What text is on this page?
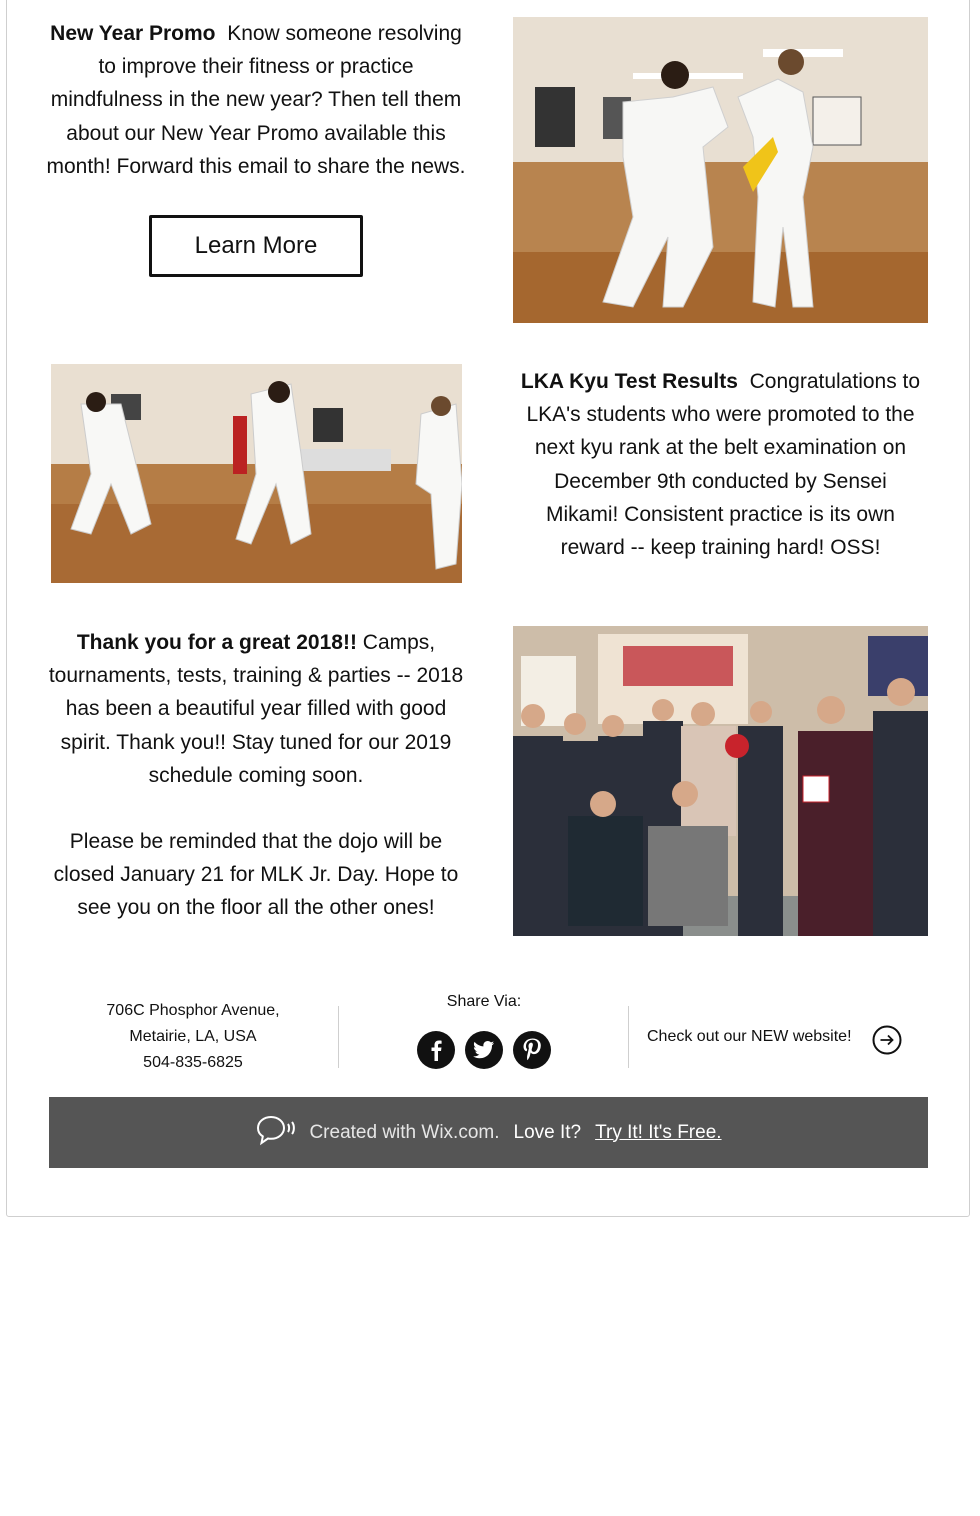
New Year Promo Know someone resolving to improve their fitness or practice mindfulness in the new year? Then tell them about our New Year Promo available this month! Forward this email to share the news.
Learn More
LKA Kyu Test Results Congratulations to LKA's students who were promoted to the next kyu rank at the belt examination on December 9th conducted by Sensei Mikami! Consistent practice is its own reward -- keep training hard! OSS!
Thank you for a great 2018!! Camps, tournaments, tests, training & parties -- 2018 has been a beautiful year filled with good spirit. Thank you!! Stay tuned for our 2019 schedule coming soon.
Please be reminded that the dojo will be closed January 21 for MLK Jr. Day. Hope to see you on the floor all the other ones!
706C Phosphor Avenue,
Metairie, LA, USA
504-835-6825
Share Via:
Check out our NEW website!
Created with Wix.com. Love It? Try It! It's Free.
